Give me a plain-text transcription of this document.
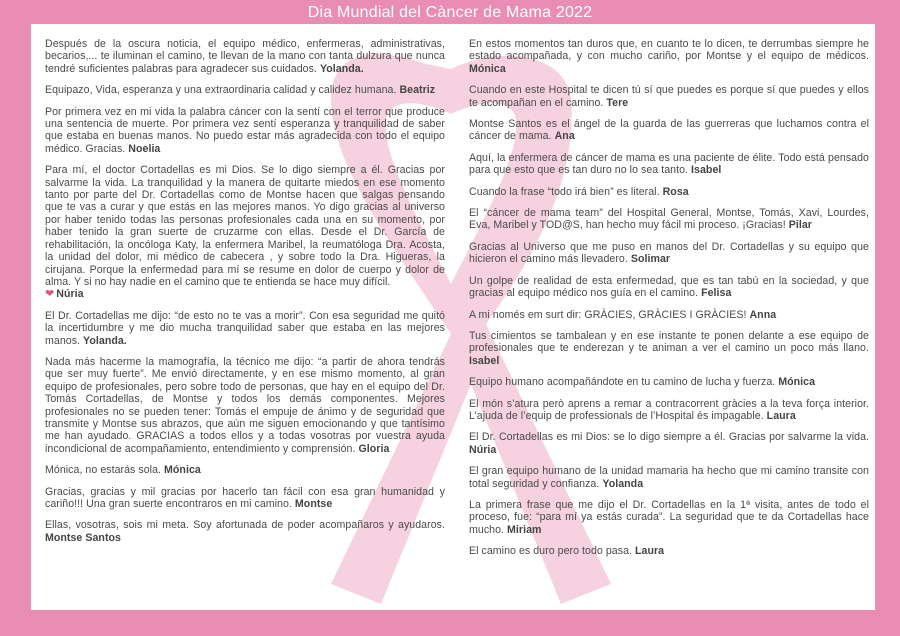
Dia Mundial del Càncer de Mama 2022

Después de la oscura noticia, el equipo médico, enfermeras, administrativas, becarios,... te iluminan el camino, te llevan de la mano con tanta dulzura que nunca tendré suficientes palabras para agradecer sus cuidados. Yolanda.

Equipazo, Vida, esperanza y una extraordinaria calidad y calidez humana. Beatriz

Por primera vez en mi vida la palabra cáncer con la sentí con el terror que produce una sentencia de muerte. Por primera vez sentí esperanza y tranquilidad de saber que estaba en buenas manos. No puedo estar más agradecida con todo el equipo médico. Gracias. Noelia

Para mí, el doctor Cortadellas es mi Dios. Se lo digo siempre a él. Gracias por salvarme la vida. La tranquilidad y la manera de quitarte miedos en ese momento tanto por parte del Dr. Cortadellas como de Montse hacen que salgas pensando que te vas a curar y que estás en las mejores manos. Yo digo gracias al universo por haber tenido todas las personas profesionales cada una en su momento, por haber tenido la gran suerte de cruzarme con ellas. Desde el Dr. García de rehabilitación, la oncóloga Katy, la enfermera Maribel, la reumatóloga Dra. Acosta, la unidad del dolor, mi médico de cabecera , y sobre todo la Dra. Higueras, la cirujana. Porque la enfermedad para mí se resume en dolor de cuerpo y dolor de alma. Y si no hay nadie en el camino que te entienda se hace muy difícil.
❤ Núria

El Dr. Cortadellas me dijo: “de esto no te vas a morir”. Con esa seguridad me quitó la incertidumbre y me dio mucha tranquilidad saber que estaba en las mejores manos. Yolanda.

Nada más hacerme la mamografía, la técnico me dijo: “a partir de ahora tendrás que ser muy fuerte”. Me envió directamente, y en ese mismo momento, al gran equipo de profesionales, pero sobre todo de personas, que hay en el equipo del Dr. Tomás Cortadellas, de Montse y todos los demás componentes. Mejores profesionales no se pueden tener: Tomás el empuje de ánimo y de seguridad que transmite y Montse sus abrazos, que aún me siguen emocionando y que tantísimo me han ayudado. GRACIAS a todos ellos y a todas vosotras por vuestra ayuda incondicional de acompañamiento, entendimiento y comprensión. Gloria

Mónica, no estarás sola. Mónica

Gracias, gracias y mil gracias por hacerlo tan fácil con esa gran humanidad y cariño!!! Una gran suerte encontraros en mi camino. Montse

Ellas, vosotras, sois mi meta. Soy afortunada de poder acompañaros y ayudaros. Montse Santos

En estos momentos tan duros que, en cuanto te lo dicen, te derrumbas siempre he estado acompañada, y con mucho cariño, por Montse y el equipo de médicos. Mónica

Cuando en este Hospital te dicen tú sí que puedes es porque sí que puedes y ellos te acompañan en el camino. Tere

Montse Santos es el ángel de la guarda de las guerreras que luchamos contra el cáncer de mama. Ana

Aquí, la enfermera de cáncer de mama es una paciente de élite. Todo está pensado para que esto que es tan duro no lo sea tanto. Isabel

Cuando la frase “todo irá bien” es literal. Rosa

El “cáncer de mama team” del Hospital General, Montse, Tomás, Xavi, Lourdes, Eva, Maribel y TOD@S, han hecho muy fácil mi proceso. ¡Gracias! Pilar

Gracias al Universo que me puso en manos del Dr. Cortadellas y su equipo que hicieron el camino más llevadero. Solimar

Un golpe de realidad de esta enfermedad, que es tan tabú en la sociedad, y que gracias al equipo médico nos guía en el camino. Felisa

A mi només em surt dir: GRÀCIES, GRÀCIES I GRÀCIES! Anna

Tus cimientos se tambalean y en ese instante te ponen delante a ese equipo de profesionales que te enderezan y te animan a ver el camino un poco más llano. Isabel

Equipo humano acompañándote en tu camino de lucha y fuerza. Mónica

El món s’atura però aprens a remar a contracorrent gràcies a la teva força interior. L’ajuda de l’equip de professionals de l’Hospital és impagable. Laura

El Dr. Cortadellas es mi Dios: se lo digo siempre a él. Gracias por salvarme la vida. Núria

El gran equipo humano de la unidad mamaria ha hecho que mi camino transite con total seguridad y confianza. Yolanda

La primera frase que me dijo el Dr. Cortadellas en la 1ª visita, antes de todo el proceso, fue: “para mí ya estás curada”. La seguridad que te da Cortadellas hace mucho. Miriam

El camino es duro pero todo pasa. Laura
